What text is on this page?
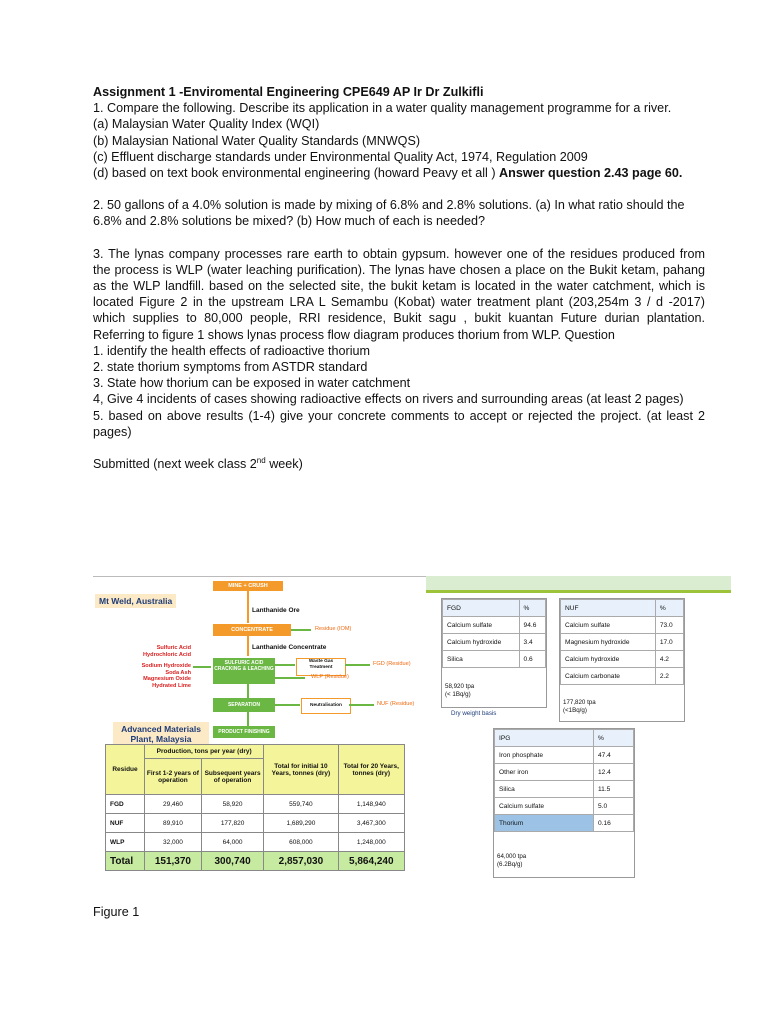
Assignment 1 -Enviromental Engineering CPE649 AP Ir Dr Zulkifli

1. Compare the following. Describe its application in a water quality management programme for a river.

(a) Malaysian Water Quality Index (WQI)

(b) Malaysian National Water Quality Standards (MNWQS)

(c) Effluent discharge standards under Environmental Quality Act, 1974, Regulation 2009

(d) based on text book environmental engineering (howard Peavy et all ) Answer question 2.43 page 60.

2. 50 gallons of a 4.0% solution is made by mixing of 6.8% and 2.8% solutions. (a) In what ratio should the 6.8% and 2.8% solutions be mixed? (b) How much of each is needed?

3. The lynas company processes rare earth to obtain gypsum. however one of the residues produced from the process is WLP (water leaching purification). The lynas have chosen a place on the Bukit ketam, pahang as the WLP landfill. based on the selected site, the bukit ketam is located in the water catchment, which is located Figure 2 in the upstream LRA L Semambu (Kobat) water treatment plant (203,254m 3 / d -2017) which supplies to 80,000 people, RRI residence, Bukit sagu , bukit kuantan Future durian plantation. Referring to figure 1 shows lynas process flow diagram produces thorium from WLP. Question

1. identify the health effects of radioactive thorium

2. state thorium symptoms from ASTDR standard

3. State how thorium can be exposed in water catchment

4, Give 4 incidents of cases showing radioactive effects on rivers and surrounding areas (at least 2 pages)

5. based on above results (1-4) give your concrete comments to accept or rejected the project. (at least 2 pages)

Submitted (next week class 2nd week)

Mt Weld, Australia
MINE + CRUSH
Lanthanide Ore
CONCENTRATE	Residue (IOM)
Lanthanide Concentrate
Sulfuric Acid
Hydrochloric Acid
Sodium Hydroxide
Soda Ash
Magnesium Oxide
Hydrated Lime
SULFURIC ACID CRACKING & LEACHING
Waste Gas Treatment
FGD (Residue)
WLP (Residue)
SEPARATION	Neutralisation	NUF (Residue)
PRODUCT FINISHING
Advanced Materials Plant, Malaysia
Residue	Production, tons per year (dry)		Total for initial 10 Years, tonnes (dry)	Total for 20 Years, tonnes (dry)
	First 1-2 years of operation	Subsequent years of operation		
FGD	29,460	58,920	559,740	1,148,940
NUF	89,910	177,820	1,689,290	3,467,300
WLP	32,000	64,000	608,000	1,248,000
Total	151,370	300,740	2,857,030	5,864,240
FGD	%
Calcium sulfate	94.6
Calcium hydroxide	3.4
Silica	0.6
58,920 tpa
(< 1Bq/g)
Dry weight basis
NUF	%
Calcium sulfate	73.0
Magnesium hydroxide	17.0
Calcium hydroxide	4.2
Calcium carbonate	2.2
177,820 tpa
(<1Bq/g)
IPG	%
Iron phosphate	47.4
Other iron	12.4
Silica	11.5
Calcium sulfate	5.0
Thorium	0.16
64,000 tpa
(6.2Bq/g)
Figure 1
